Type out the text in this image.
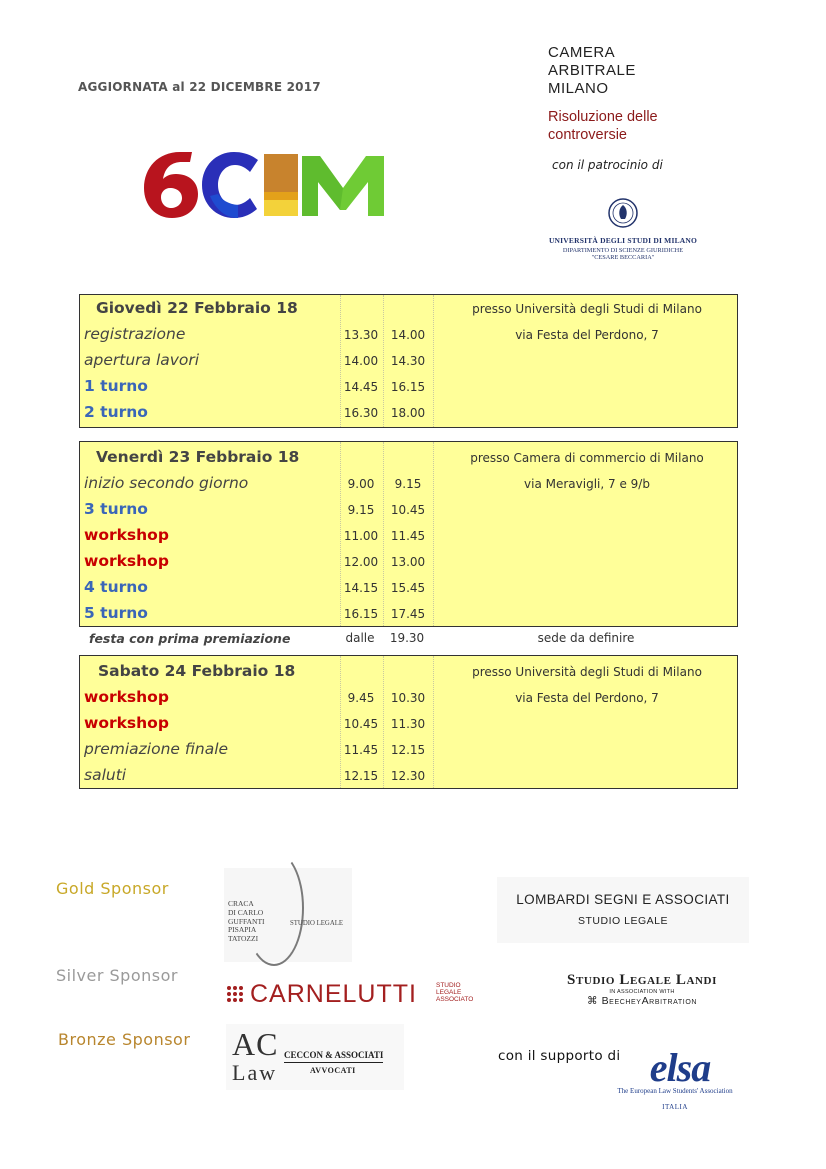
AGGIORNATA al 22 DICEMBRE 2017
CAMERA
ARBITRALE
MILANO
Risoluzione delle
controversie
con il patrocinio di
UNIVERSITÀ DEGLI STUDI DI MILANO
DIPARTIMENTO DI SCIENZE GIURIDICHE
"CESARE BECCARIA"
Giovedì 22 Febbraio 18	presso Università degli Studi di Milano
registrazione	13.30	14.00	via Festa del Perdono, 7
apertura lavori	14.00	14.30
1 turno	14.45	16.15
2 turno	16.30	18.00
Venerdì 23 Febbraio 18	presso Camera di commercio di Milano
inizio secondo giorno	9.00	9.15	via Meravigli, 7 e 9/b
3 turno	9.15	10.45
workshop	11.00	11.45
workshop	12.00	13.00
4 turno	14.15	15.45
5 turno	16.15	17.45
festa con prima premiazione	dalle	19.30	sede da definire
Sabato 24 Febbraio 18	presso Università degli Studi di Milano
workshop	9.45	10.30	via Festa del Perdono, 7
workshop	10.45	11.30
premiazione finale	11.45	12.15
saluti	12.15	12.30
Gold Sponsor
Silver Sponsor
Bronze Sponsor
CRACA
DI CARLO
GUFFANTI
PISAPIA
TATOZZI
STUDIO LEGALE
LOMBARDI SEGNI E ASSOCIATI
STUDIO LEGALE
CARNELUTTI	STUDIO
LEGALE
ASSOCIATO
Studio Legale Landi
IN ASSOCIATION WITH
⌘ BeecheyArbitration
AC
Law
CECCON & ASSOCIATI
AVVOCATI
con il supporto di elsa
The European Law Students' Association
ITALIA
